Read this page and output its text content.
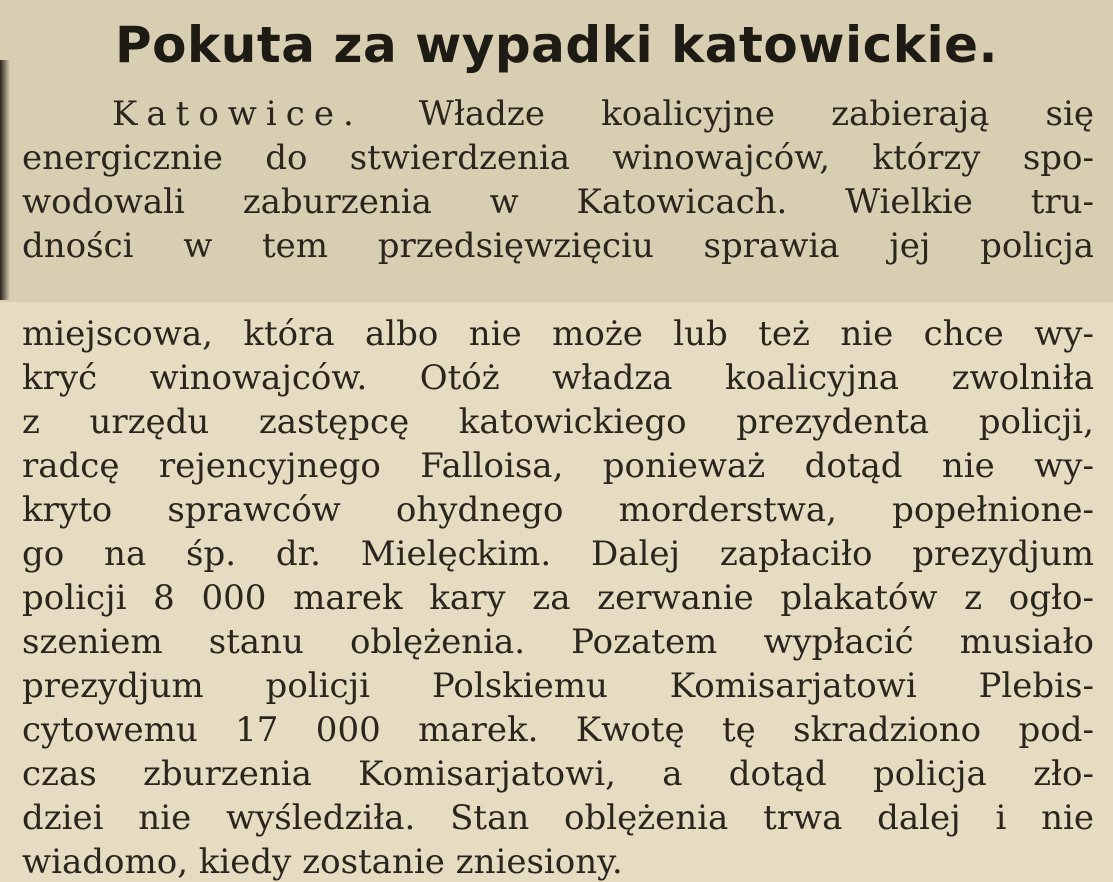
Pokuta za wypadki katowickie.
Katowice. Władze koalicyjne zabierają się
energicznie do stwierdzenia winowajców, którzy spo-
wodowali zaburzenia w Katowicach. Wielkie tru-
dności w tem przedsięwzięciu sprawia jej policja
miejscowa, która albo nie może lub też nie chce wy-
kryć winowajców. Otóż władza koalicyjna zwolniła
z urzędu zastępcę katowickiego prezydenta policji,
radcę rejencyjnego Falloisa, ponieważ dotąd nie wy-
kryto sprawców ohydnego morderstwa, popełnione-
go na śp. dr. Mielęckim. Dalej zapłaciło prezydjum
policji 8 000 marek kary za zerwanie plakatów z ogło-
szeniem stanu oblężenia. Pozatem wypłacić musiało
prezydjum policji Polskiemu Komisarjatowi Plebis-
cytowemu 17 000 marek. Kwotę tę skradziono pod-
czas zburzenia Komisarjatowi, a dotąd policja zło-
dziei nie wyśledziła. Stan oblężenia trwa dalej i nie
wiadomo, kiedy zostanie zniesiony.
